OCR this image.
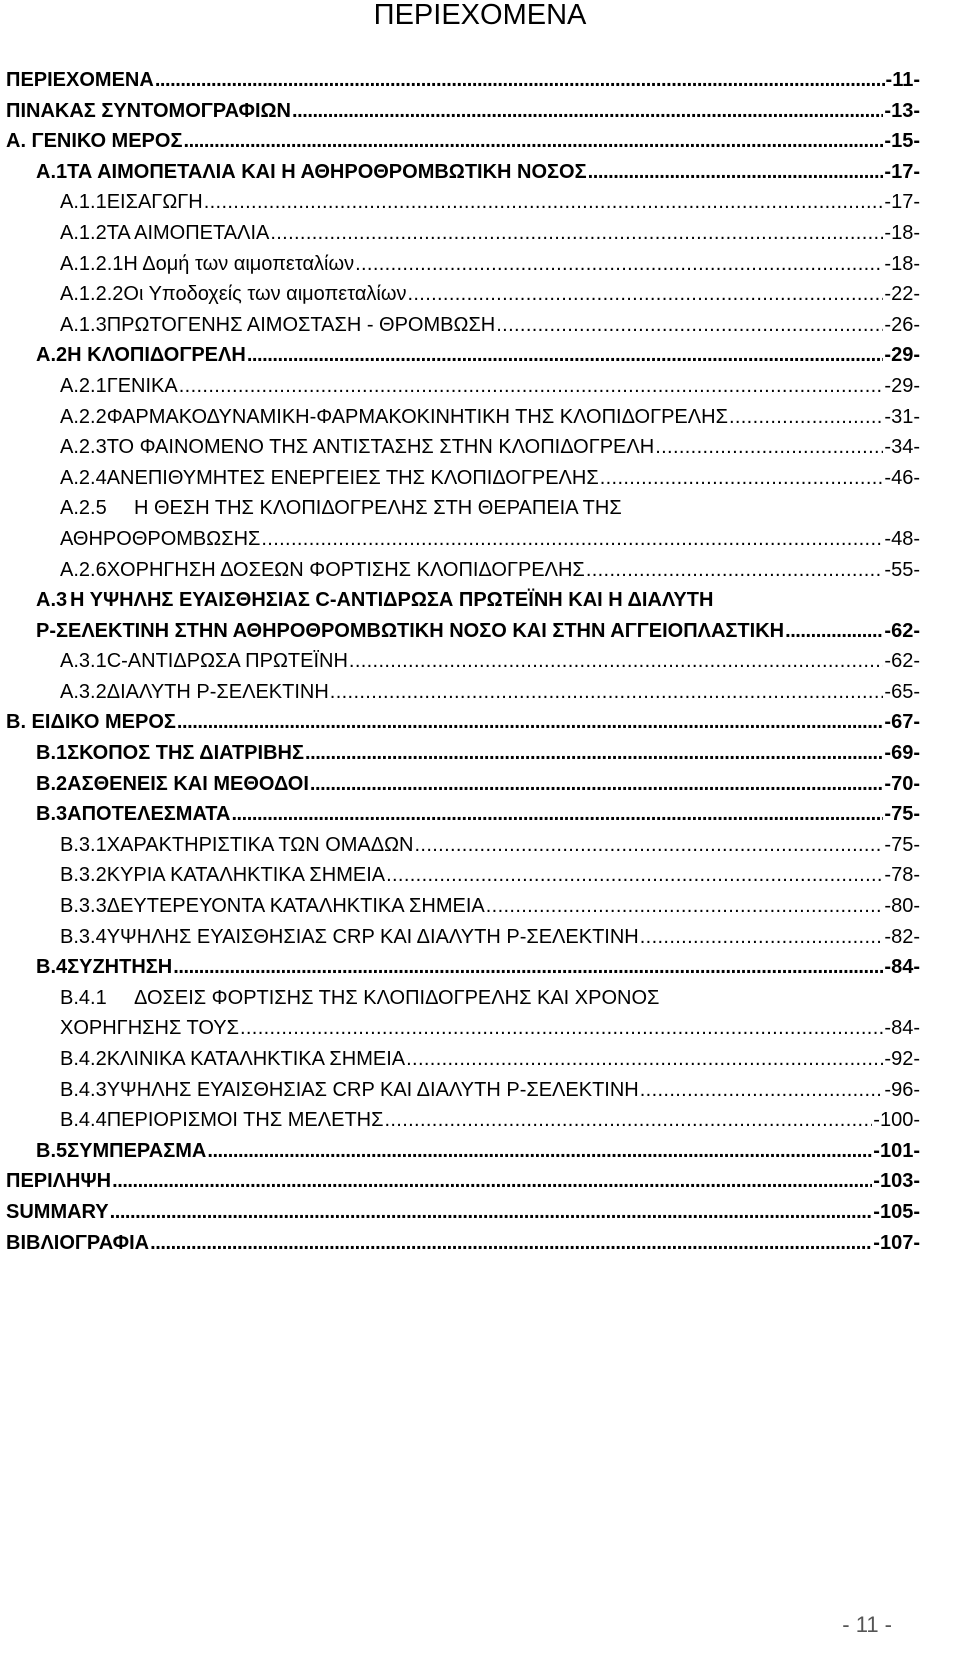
ΠΕΡΙΕΧΟΜΕΝΑ
ΠΕΡΙΕΧΟΜΕΝΑ . . .	-11-
ΠΙΝΑΚΑΣ ΣΥΝΤΟΜΟΓΡΑΦΙΩΝ . . .	-13-
Α. ΓΕΝΙΚΟ ΜΕΡΟΣ . . .	-15-
Α.1 ΤΑ ΑΙΜΟΠΕΤΑΛΙΑ ΚΑΙ Η ΑΘΗΡΟΘΡΟΜΒΩΤΙΚΗ ΝΟΣΟΣ . . .	-17-
Α.1.1 ΕΙΣΑΓΩΓΗ . . .	-17-
Α.1.2 ΤΑ ΑΙΜΟΠΕΤΑΛΙΑ . . .	-18-
Α.1.2.1 Η Δομή των αιμοπεταλίων . . .	-18-
Α.1.2.2 Οι Υποδοχείς των αιμοπεταλίων . . .	-22-
Α.1.3 ΠΡΩΤΟΓΕΝΗΣ ΑΙΜΟΣΤΑΣΗ - ΘΡΟΜΒΩΣΗ . . .	-26-
Α.2 Η ΚΛΟΠΙΔΟΓΡΕΛΗ . . .	-29-
Α.2.1 ΓΕΝΙΚΑ . . .	-29-
Α.2.2 ΦΑΡΜΑΚΟΔΥΝΑΜΙΚΗ-ΦΑΡΜΑΚΟΚΙΝΗΤΙΚΗ ΤΗΣ ΚΛΟΠΙΔΟΓΡΕΛΗΣ . . .	-31-
Α.2.3 ΤΟ ΦΑΙΝΟΜΕΝΟ ΤΗΣ ΑΝΤΙΣΤΑΣΗΣ ΣΤΗΝ ΚΛΟΠΙΔΟΓΡΕΛΗ . . .	-34-
Α.2.4 ΑΝΕΠΙΘΥΜΗΤΕΣ ΕΝΕΡΓΕΙΕΣ ΤΗΣ ΚΛΟΠΙΔΟΓΡΕΛΗΣ . . .	-46-
Α.2.5	Η ΘΕΣΗ ΤΗΣ ΚΛΟΠΙΔΟΓΡΕΛΗΣ ΣΤΗ ΘΕΡΑΠΕΙΑ ΤΗΣ
ΑΘΗΡΟΘΡΟΜΒΩΣΗΣ . . .	-48-
Α.2.6 ΧΟΡΗΓΗΣΗ ΔΟΣΕΩΝ ΦΟΡΤΙΣΗΣ ΚΛΟΠΙΔΟΓΡΕΛΗΣ . . .	-55-
Α.3 Η ΥΨΗΛΗΣ ΕΥΑΙΣΘΗΣΙΑΣ C-ΑΝΤΙΔΡΩΣΑ ΠΡΩΤΕΪΝΗ ΚΑΙ Η ΔΙΑΛΥΤΗ
Ρ-ΣΕΛΕΚΤΙΝΗ ΣΤΗΝ ΑΘΗΡΟΘΡΟΜΒΩΤΙΚΗ ΝΟΣΟ ΚΑΙ ΣΤΗΝ ΑΓΓΕΙΟΠΛΑΣΤΙΚΗ . . .	-62-
Α.3.1 C-ΑΝΤΙΔΡΩΣΑ ΠΡΩΤΕΪΝΗ . . .	-62-
Α.3.2 ΔΙΑΛΥΤΗ Ρ-ΣΕΛΕΚΤΙΝΗ . . .	-65-
Β. ΕΙΔΙΚΟ ΜΕΡΟΣ . . .	-67-
Β.1 ΣΚΟΠΟΣ ΤΗΣ ΔΙΑΤΡΙΒΗΣ . . .	-69-
Β.2 ΑΣΘΕΝΕΙΣ ΚΑΙ ΜΕΘΟΔΟΙ . . .	-70-
Β.3 ΑΠΟΤΕΛΕΣΜΑΤΑ . . .	-75-
Β.3.1 ΧΑΡΑΚΤΗΡΙΣΤΙΚΑ ΤΩΝ ΟΜΑΔΩΝ . . .	-75-
Β.3.2 ΚΥΡΙΑ ΚΑΤΑΛΗΚΤΙΚΑ ΣΗΜΕΙΑ . . .	-78-
Β.3.3 ΔΕΥΤΕΡΕΥΟΝΤΑ ΚΑΤΑΛΗΚΤΙΚΑ ΣΗΜΕΙΑ . . .	-80-
Β.3.4 ΥΨΗΛΗΣ ΕΥΑΙΣΘΗΣΙΑΣ CRP ΚΑΙ ΔΙΑΛΥΤΗ Ρ-ΣΕΛΕΚΤΙΝΗ . . .	-82-
Β.4 ΣΥΖΗΤΗΣΗ . . .	-84-
Β.4.1	ΔΟΣΕΙΣ ΦΟΡΤΙΣΗΣ ΤΗΣ ΚΛΟΠΙΔΟΓΡΕΛΗΣ ΚΑΙ ΧΡΟΝΟΣ
ΧΟΡΗΓΗΣΗΣ ΤΟΥΣ . . .	-84-
Β.4.2 ΚΛΙΝΙΚΑ ΚΑΤΑΛΗΚΤΙΚΑ ΣΗΜΕΙΑ . . .	-92-
Β.4.3 ΥΨΗΛΗΣ ΕΥΑΙΣΘΗΣΙΑΣ CRP ΚΑΙ ΔΙΑΛΥΤΗ Ρ-ΣΕΛΕΚΤΙΝΗ . . .	-96-
Β.4.4 ΠΕΡΙΟΡΙΣΜΟΙ ΤΗΣ ΜΕΛΕΤΗΣ . . .	-100-
Β.5 ΣΥΜΠΕΡΑΣΜΑ . . .	-101-
ΠΕΡΙΛΗΨΗ . . .	-103-
SUMMARY . . .	-105-
ΒΙΒΛΙΟΓΡΑΦΙΑ . . .	-107-
- 11 -
